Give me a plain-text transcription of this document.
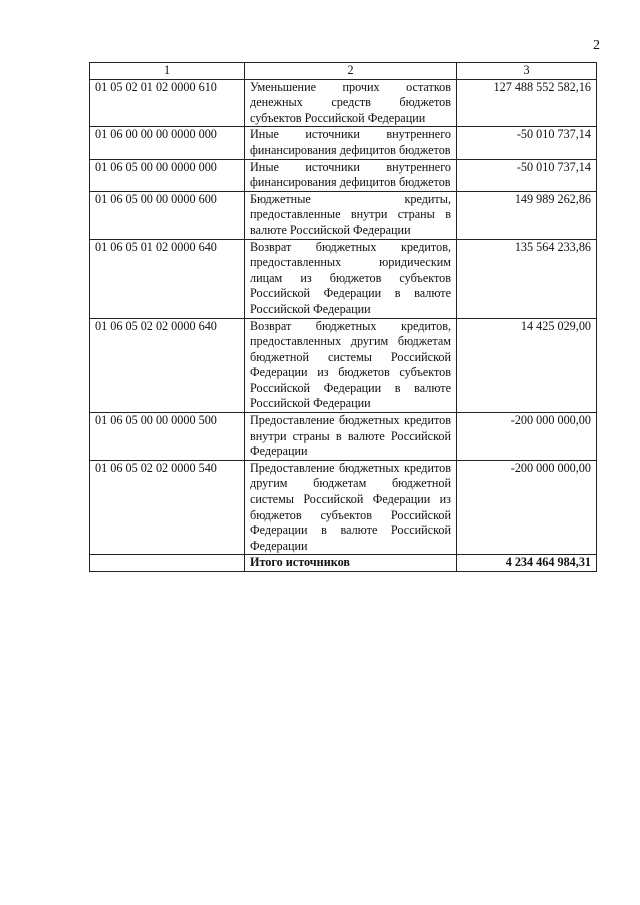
2
1	2	3
01 05 02 01 02 0000 610	Уменьшение прочих остатков денежных средств бюджетов субъектов Российской Федерации	127 488 552 582,16
01 06 00 00 00 0000 000	Иные источники внутреннего финансирования дефицитов бюджетов	-50 010 737,14
01 06 05 00 00 0000 000	Иные источники внутреннего финансирования дефицитов бюджетов	-50 010 737,14
01 06 05 00 00 0000 600	Бюджетные кредиты, предоставленные внутри страны в валюте Российской Федерации	149 989 262,86
01 06 05 01 02 0000 640	Возврат бюджетных кредитов, предоставленных юридическим лицам из бюджетов субъектов Российской Федерации в валюте Российской Федерации	135 564 233,86
01 06 05 02 02 0000 640	Возврат бюджетных кредитов, предоставленных другим бюджетам бюджетной системы Российской Федерации из бюджетов субъектов Российской Федерации в валюте Российской Федерации	14 425 029,00
01 06 05 00 00 0000 500	Предоставление бюджетных кредитов внутри страны в валюте Российской Федерации	-200 000 000,00
01 06 05 02 02 0000 540	Предоставление бюджетных кредитов другим бюджетам бюджетной системы Российской Федерации из бюджетов субъектов Российской Федерации в валюте Российской Федерации	-200 000 000,00
	Итого источников	4 234 464 984,31
